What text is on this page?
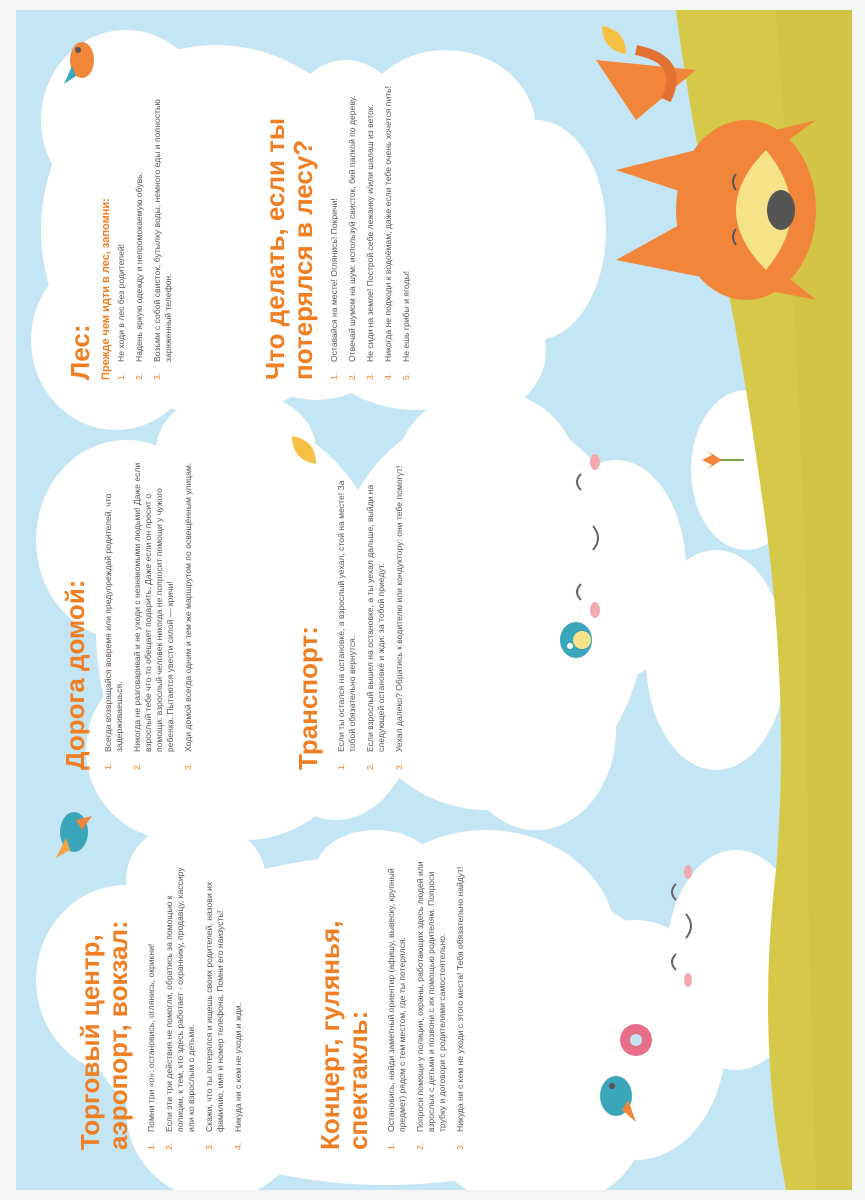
Торговый центр, аэропорт, вокзал: 1.
Помни три «о»: остановись, оглянись, окрикни!
2.
Если эти три действия не помогли, обратись за помощью к полиции, к тем, кто здесь работает - охраннику, продавцу, кассиру или ко взрослым с детьми.
3.
Скажи, что ты потерялся и ищешь своих родителей, назови их фамилию, имя и номер телефона. Помни его наизусть!
4.
Никуда ни с кем не уходи и жди.	Концерт, гулянья, спектакль: 1.
Остановись, найди заметный ориентир (афишу, вывеску, крупный предмет) рядом с тем местом, где ты потерялся.
2.
Попроси помощи у полиции, охраны, работающих здесь людей или взрослых с детьми и позвони с их помощью родителям. Попроси трубку и договори с родителями самостоятельно.
3.
Никуда ни с кем не уходи с этого места! Тебя обязательно найдут!
Дорога домой: 1.
Всегда возвращайся вовремя или предупреждай родителей, что задерживаешься.
2.
Никогда не разговаривай и не уходи с незнакомыми людьми! Даже если взрослый тебе что-то обещает подарить. Даже если он просит о помощи: взрослый человек никогда не попросит помощи у чужого ребенка. Пытаются увести силой — кричи!
3.
Ходи домой всегда одним и тем же маршрутом по освещённым улицам.	Транспорт: 1.
Если ты остался на остановке, а взрослый уехал, стой на месте! За тобой обязательно вернутся.
2.
Если взрослый вышел на остановке, а ты уехал дальше, выйди на следующей остановке и жди: за тобой приедут.
3.
Уехал далеко? Обратись к водителю или кондуктору: они тебе помогут!
Лес: Прежде чем идти в лес, запомни: 1.
Не ходи в лес без родителей!
2.
Надень яркую одежду и непромокаемую обувь.
3.
Возьми с собой свисток, бутылку воды, немного еды и полностью заряженный телефон.	Что делать, если ты потерялся в лесу? 1.
Оставайся на месте! Оглянись! Покричи!
2.
Отвечай шумом на шум: используй свисток, бей палкой по дереву.
3.
Не сиди на земле! Построй себе лежанку и/или шалаш из веток.
4.
Никогда не подходи к водоёмам, даже если тебе очень хочется пить!
5.
Не ешь грибы и ягоды!
